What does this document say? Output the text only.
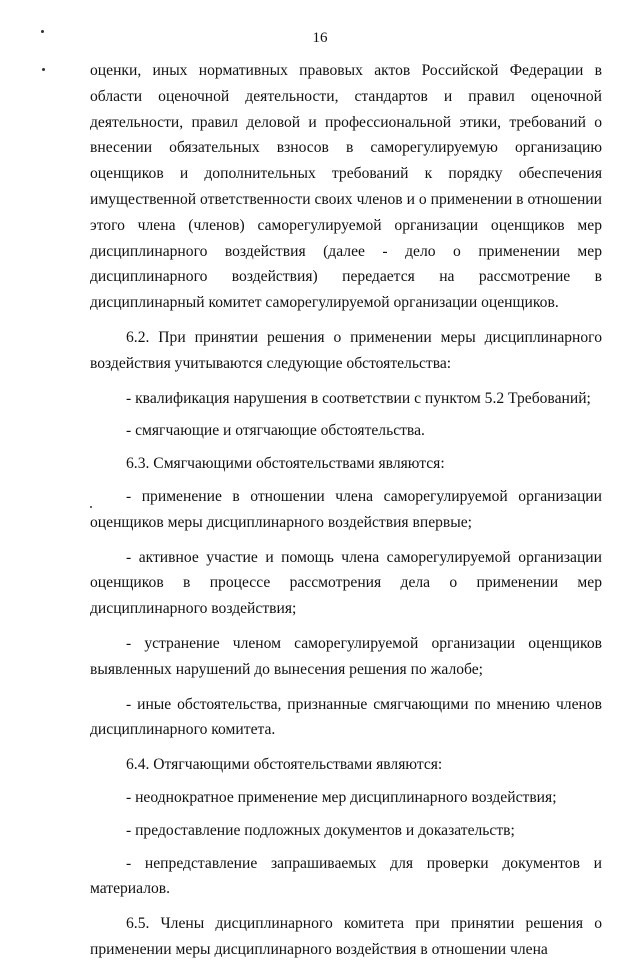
16

оценки, иных нормативных правовых актов Российской Федерации в области оценочной деятельности, стандартов и правил оценочной деятельности, правил деловой и профессиональной этики, требований о внесении обязательных взносов в саморегулируемую организацию оценщиков и дополнительных требований к порядку обеспечения имущественной ответственности своих членов и о применении в отношении этого члена (членов) саморегулируемой организации оценщиков мер дисциплинарного воздействия (далее - дело о применении мер дисциплинарного воздействия) передается на рассмотрение в дисциплинарный комитет саморегулируемой организации оценщиков.

6.2. При принятии решения о применении меры дисциплинарного воздействия учитываются следующие обстоятельства:

- квалификация нарушения в соответствии с пунктом 5.2 Требований;

- смягчающие и отягчающие обстоятельства.

6.3. Смягчающими обстоятельствами являются:

- применение в отношении члена саморегулируемой организации оценщиков меры дисциплинарного воздействия впервые;

- активное участие и помощь члена саморегулируемой организации оценщиков в процессе рассмотрения дела о применении мер дисциплинарного воздействия;

- устранение членом саморегулируемой организации оценщиков выявленных нарушений до вынесения решения по жалобе;

- иные обстоятельства, признанные смягчающими по мнению членов дисциплинарного комитета.

6.4. Отягчающими обстоятельствами являются:

- неоднократное применение мер дисциплинарного воздействия;

- предоставление подложных документов и доказательств;

- непредставление запрашиваемых для проверки документов и материалов.

6.5. Члены дисциплинарного комитета при принятии решения о применении меры дисциплинарного воздействия в отношении члена
